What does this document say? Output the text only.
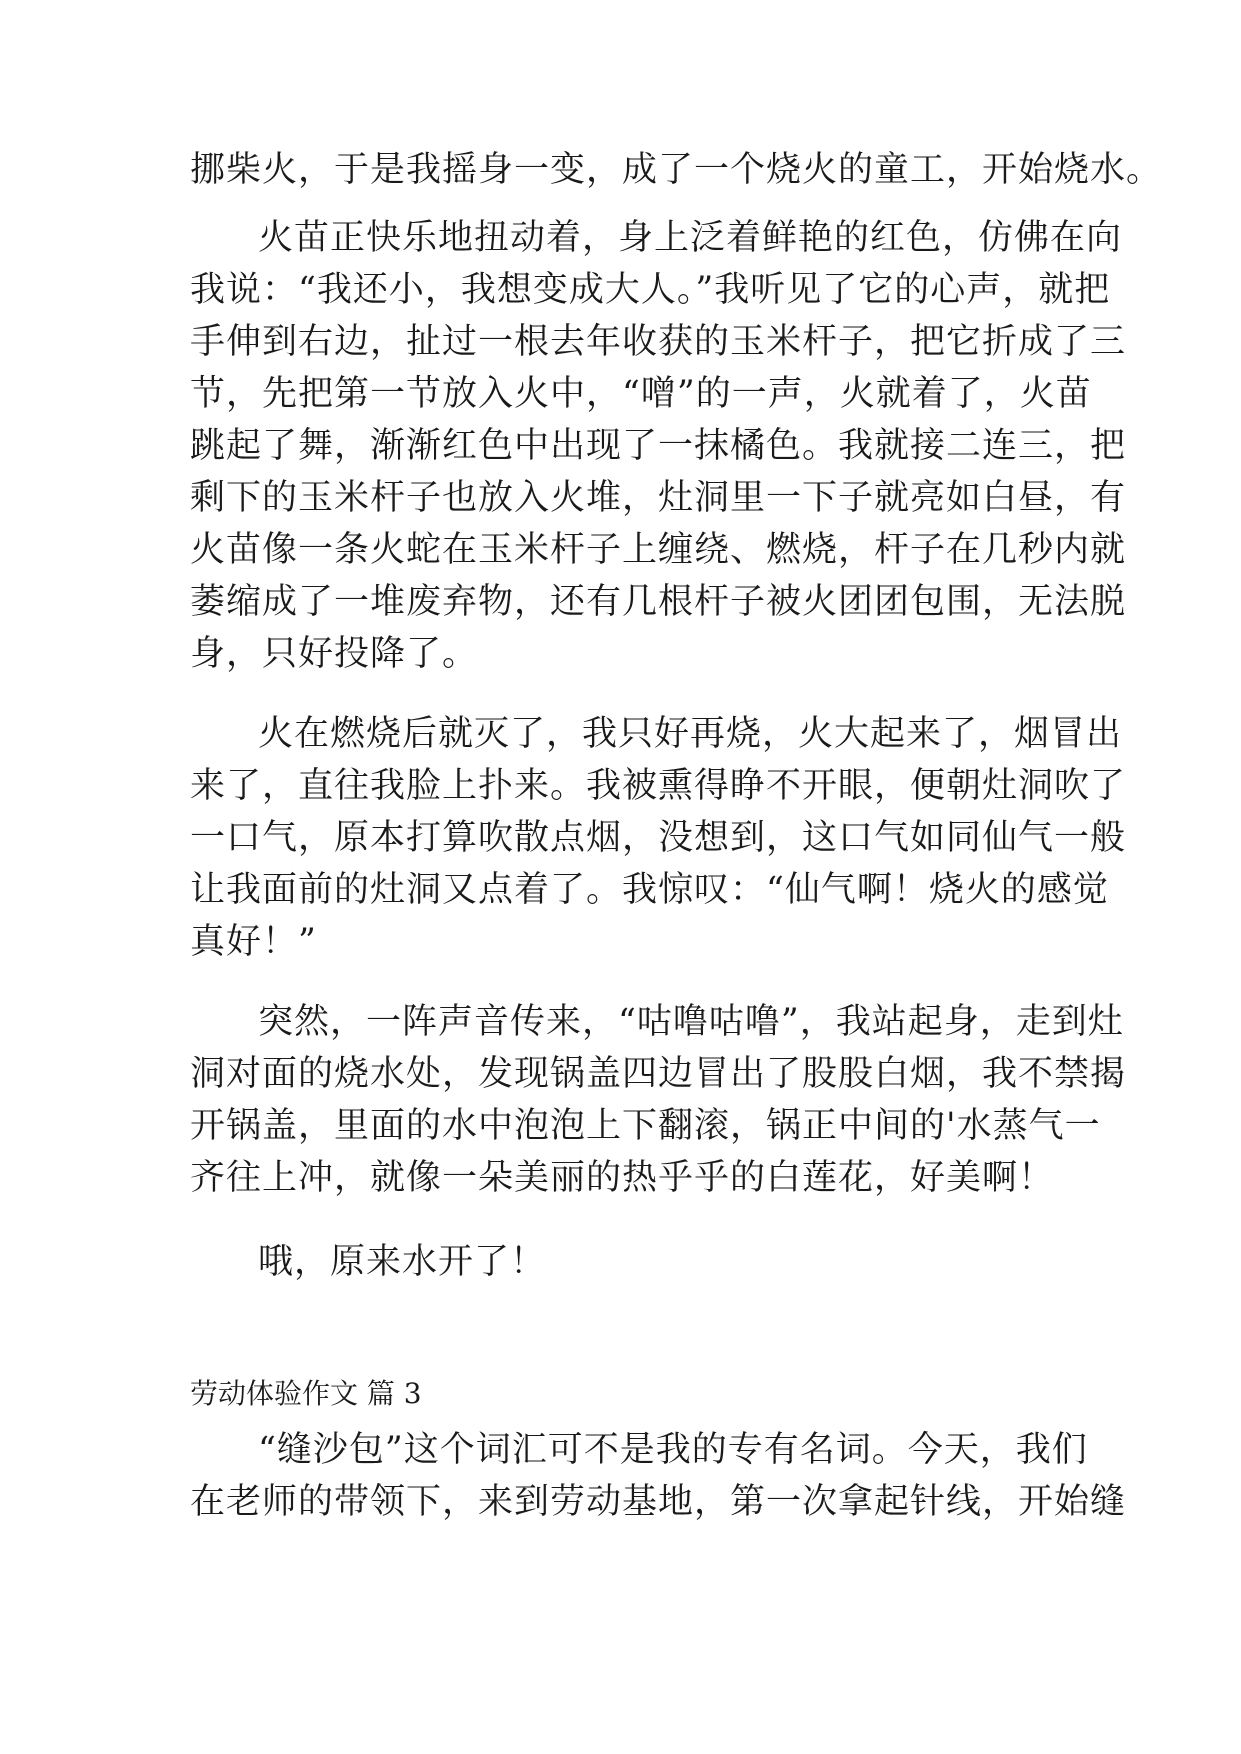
挪柴火，于是我摇身一变，成了一个烧火的童工，开始烧水。
火苗正快乐地扭动着，身上泛着鲜艳的红色，仿佛在向
我说：“我还小，我想变成大人。”我听见了它的心声，就把
手伸到右边，扯过一根去年收获的玉米杆子，把它折成了三
节，先把第一节放入火中，“噌”的一声，火就着了，火苗
跳起了舞，渐渐红色中出现了一抹橘色。我就接二连三，把
剩下的玉米杆子也放入火堆，灶洞里一下子就亮如白昼，有
火苗像一条火蛇在玉米杆子上缠绕、燃烧，杆子在几秒内就
萎缩成了一堆废弃物，还有几根杆子被火团团包围，无法脱
身，只好投降了。
火在燃烧后就灭了，我只好再烧，火大起来了，烟冒出
来了，直往我脸上扑来。我被熏得睁不开眼，便朝灶洞吹了
一口气，原本打算吹散点烟，没想到，这口气如同仙气一般
让我面前的灶洞又点着了。我惊叹：“仙气啊！烧火的感觉
真好！”
突然，一阵声音传来，“咕噜咕噜”，我站起身，走到灶
洞对面的烧水处，发现锅盖四边冒出了股股白烟，我不禁揭
开锅盖，里面的水中泡泡上下翻滚，锅正中间的'水蒸气一
齐往上冲，就像一朵美丽的热乎乎的白莲花，好美啊！
哦，原来水开了！
劳动体验作文 篇 3
“缝沙包”这个词汇可不是我的专有名词。今天，我们
在老师的带领下，来到劳动基地，第一次拿起针线，开始缝
